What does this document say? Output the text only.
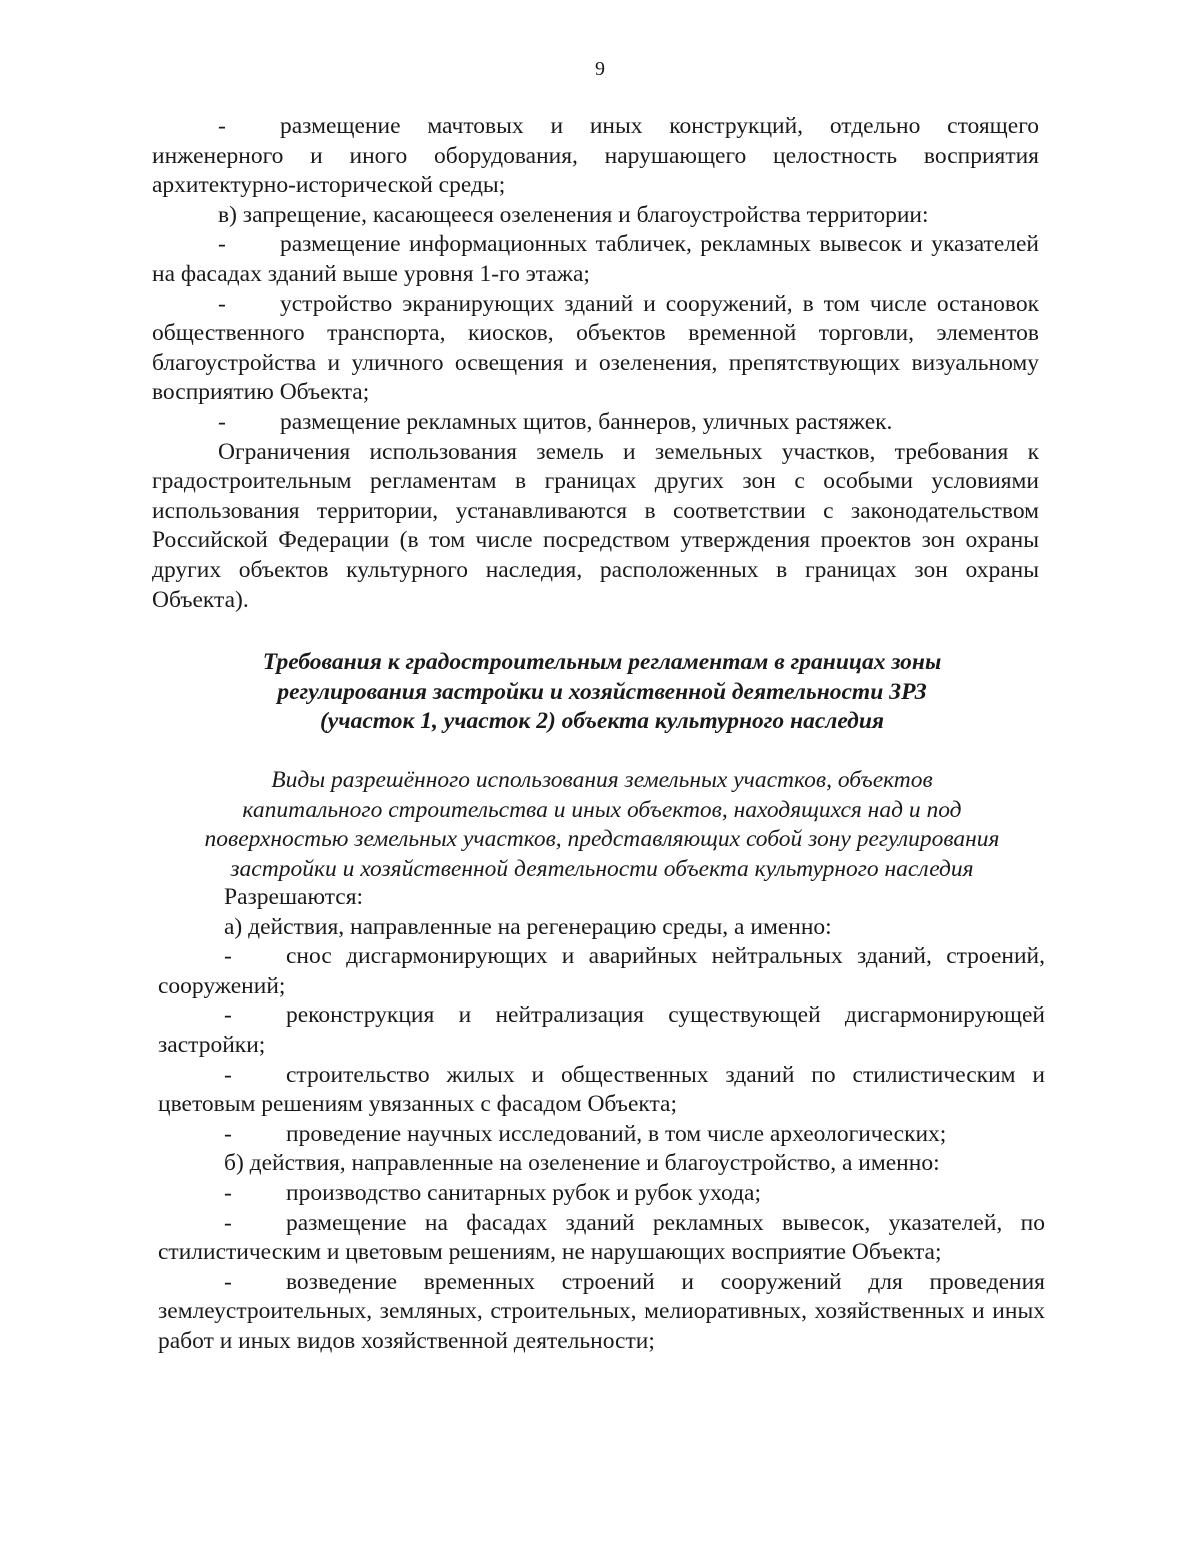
9

- размещение мачтовых и иных конструкций, отдельно стоящего инженерного и иного оборудования, нарушающего целостность восприятия архитектурно-исторической среды;

в) запрещение, касающееся озеленения и благоустройства территории:

- размещение информационных табличек, рекламных вывесок и указателей на фасадах зданий выше уровня 1-го этажа;

- устройство экранирующих зданий и сооружений, в том числе остановок общественного транспорта, киосков, объектов временной торговли, элементов благоустройства и уличного освещения и озеленения, препятствующих визуальному восприятию Объекта;

- размещение рекламных щитов, баннеров, уличных растяжек.

Ограничения использования земель и земельных участков, требования к градостроительным регламентам в границах других зон с особыми условиями использования территории, устанавливаются в соответствии с законодательством Российской Федерации (в том числе посредством утверждения проектов зон охраны других объектов культурного наследия, расположенных в границах зон охраны Объекта).

Требования к градостроительным регламентам в границах зоны
регулирования застройки и хозяйственной деятельности ЗРЗ
(участок 1, участок 2) объекта культурного наследия
Виды разрешённого использования земельных участков, объектов
капитального строительства и иных объектов, находящихся над и под
поверхностью земельных участков, представляющих собой зону регулирования
застройки и хозяйственной деятельности объекта культурного наследия

Разрешаются:

а) действия, направленные на регенерацию среды, а именно:

- снос дисгармонирующих и аварийных нейтральных зданий, строений, сооружений;

- реконструкция и нейтрализация существующей дисгармонирующей застройки;

- строительство жилых и общественных зданий по стилистическим и цветовым решениям увязанных с фасадом Объекта;

- проведение научных исследований, в том числе археологических;

б) действия, направленные на озеленение и благоустройство, а именно:

- производство санитарных рубок и рубок ухода;

- размещение на фасадах зданий рекламных вывесок, указателей, по стилистическим и цветовым решениям, не нарушающих восприятие Объекта;

- возведение временных строений и сооружений для проведения землеустроительных, земляных, строительных, мелиоративных, хозяйственных и иных работ и иных видов хозяйственной деятельности;
